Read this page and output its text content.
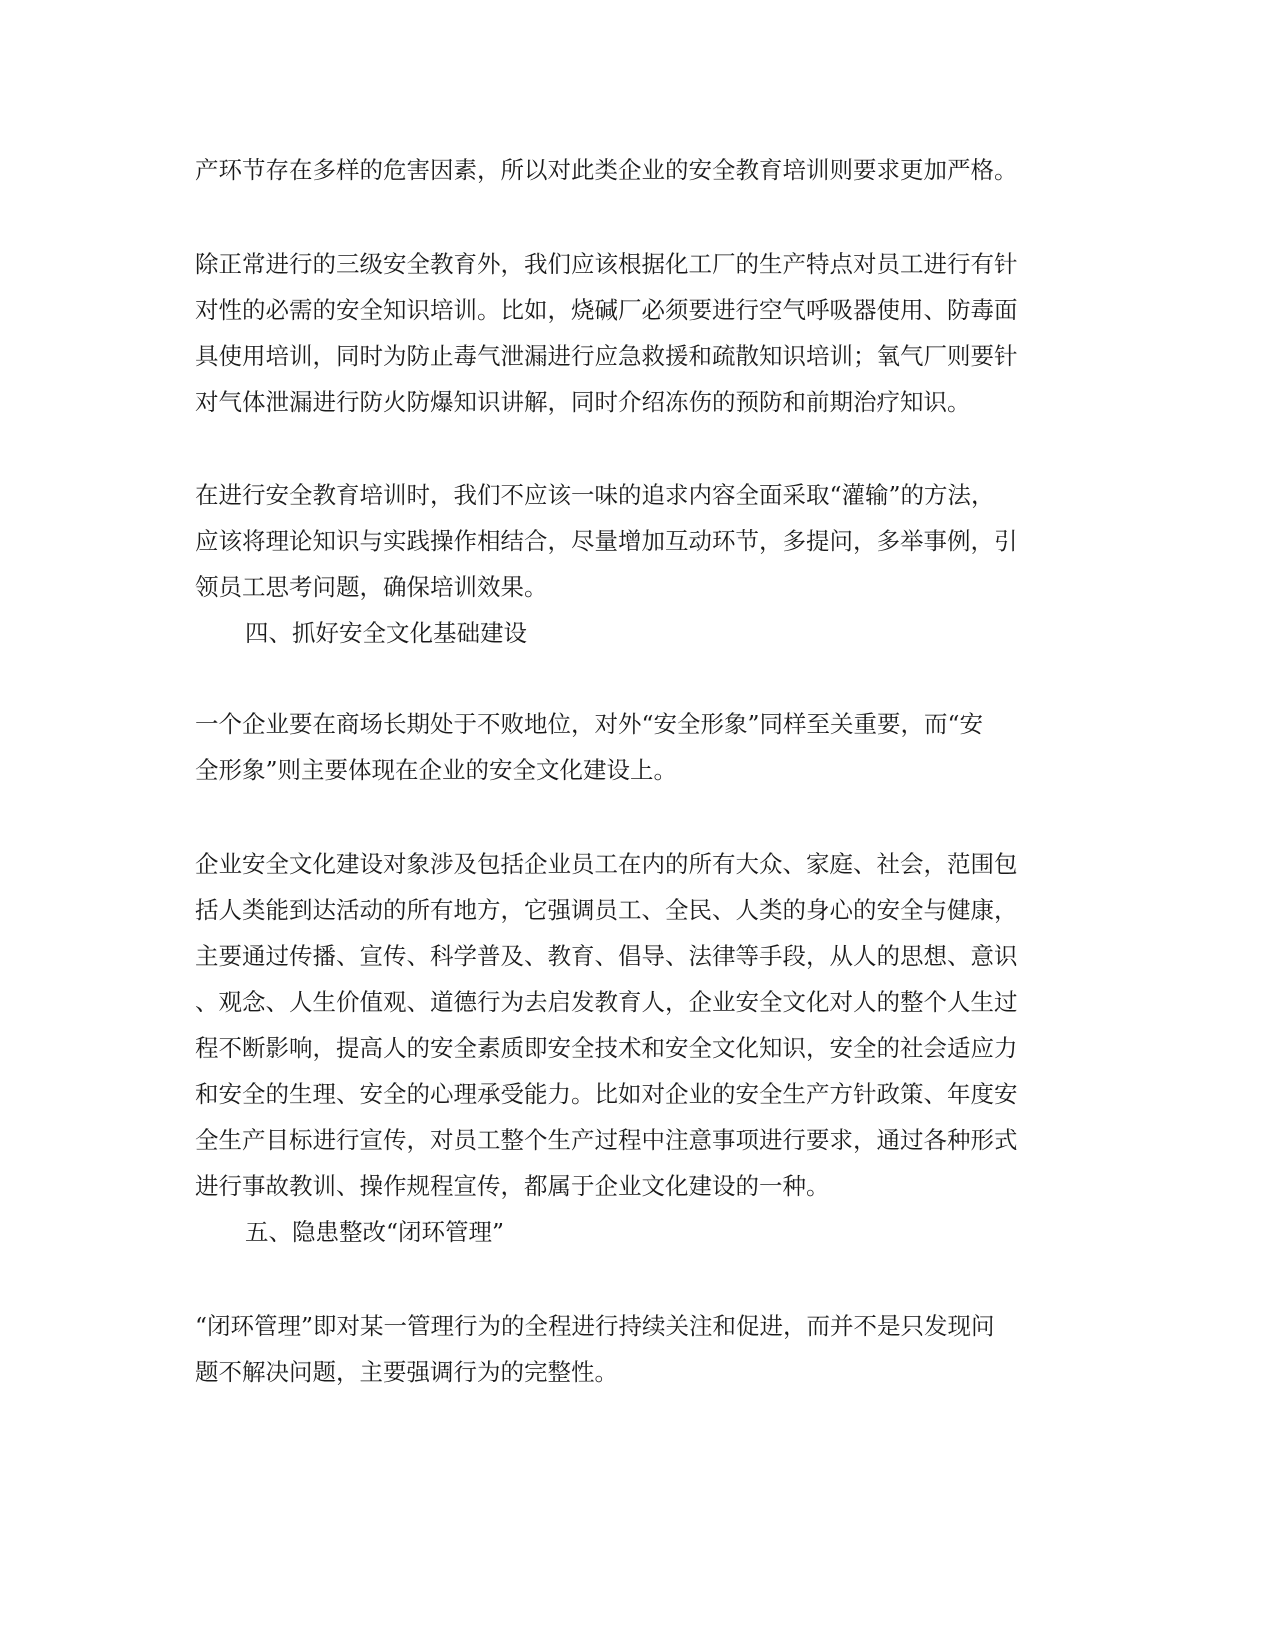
产环节存在多样的危害因素，所以对此类企业的安全教育培训则要求更加严格。
除正常进行的三级安全教育外，我们应该根据化工厂的生产特点对员工进行有针
对性的必需的安全知识培训。比如，烧碱厂必须要进行空气呼吸器使用、防毒面
具使用培训，同时为防止毒气泄漏进行应急救援和疏散知识培训；氧气厂则要针
对气体泄漏进行防火防爆知识讲解，同时介绍冻伤的预防和前期治疗知识。
在进行安全教育培训时，我们不应该一味的追求内容全面采取“灌输”的方法，
应该将理论知识与实践操作相结合，尽量增加互动环节，多提问，多举事例，引
领员工思考问题，确保培训效果。
四、抓好安全文化基础建设
一个企业要在商场长期处于不败地位，对外“安全形象”同样至关重要，而“安
全形象”则主要体现在企业的安全文化建设上。
企业安全文化建设对象涉及包括企业员工在内的所有大众、家庭、社会，范围包
括人类能到达活动的所有地方，它强调员工、全民、人类的身心的安全与健康，
主要通过传播、宣传、科学普及、教育、倡导、法律等手段，从人的思想、意识
、观念、人生价值观、道德行为去启发教育人，企业安全文化对人的整个人生过
程不断影响，提高人的安全素质即安全技术和安全文化知识，安全的社会适应力
和安全的生理、安全的心理承受能力。比如对企业的安全生产方针政策、年度安
全生产目标进行宣传，对员工整个生产过程中注意事项进行要求，通过各种形式
进行事故教训、操作规程宣传，都属于企业文化建设的一种。
五、隐患整改“闭环管理”
“闭环管理”即对某一管理行为的全程进行持续关注和促进，而并不是只发现问
题不解决问题，主要强调行为的完整性。
